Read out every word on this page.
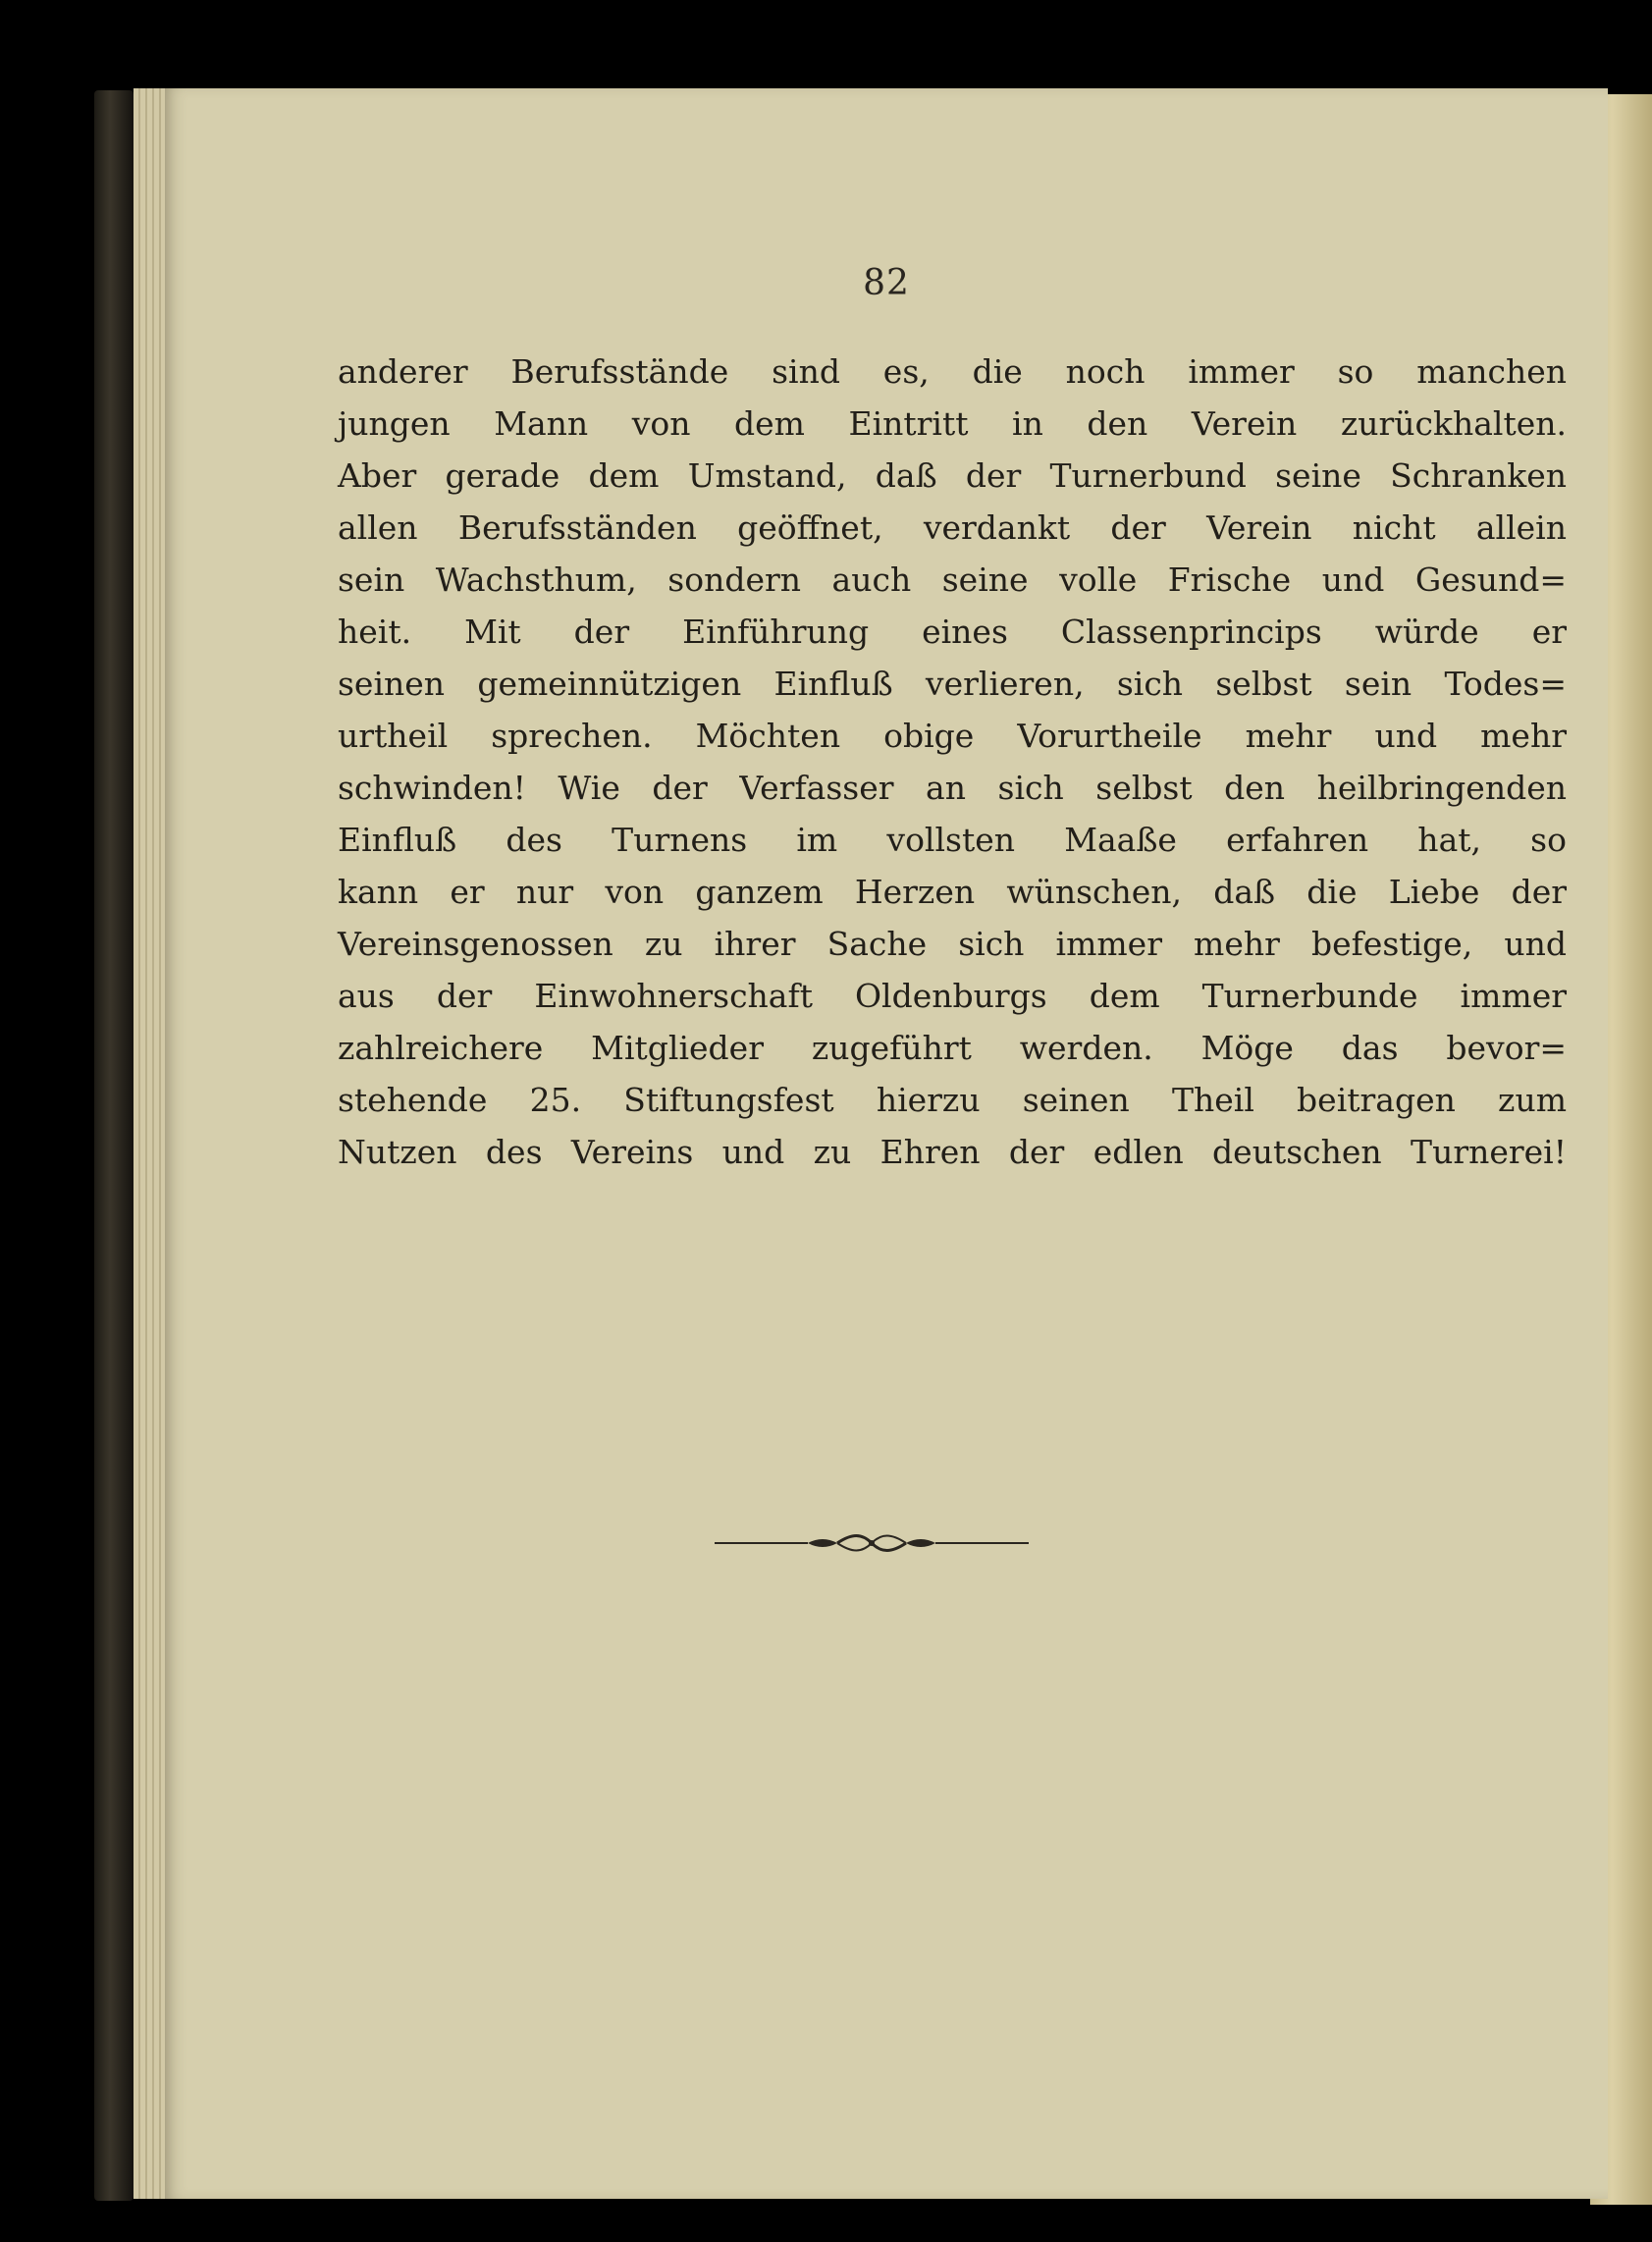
82
anderer Berufsstände sind es, die noch immer so manchen
jungen Mann von dem Eintritt in den Verein zurückhalten.
Aber gerade dem Umstand, daß der Turnerbund seine Schranken
allen Berufsständen geöffnet, verdankt der Verein nicht allein
sein Wachsthum, sondern auch seine volle Frische und Gesund=
heit. Mit der Einführung eines Classenprincips würde er
seinen gemeinnützigen Einfluß verlieren, sich selbst sein Todes=
urtheil sprechen. Möchten obige Vorurtheile mehr und mehr
schwinden! Wie der Verfasser an sich selbst den heilbringenden
Einfluß des Turnens im vollsten Maaße erfahren hat, so
kann er nur von ganzem Herzen wünschen, daß die Liebe der
Vereinsgenossen zu ihrer Sache sich immer mehr befestige, und
aus der Einwohnerschaft Oldenburgs dem Turnerbunde immer
zahlreichere Mitglieder zugeführt werden. Möge das bevor=
stehende 25. Stiftungsfest hierzu seinen Theil beitragen zum
Nutzen des Vereins und zu Ehren der edlen deutschen Turnerei!
